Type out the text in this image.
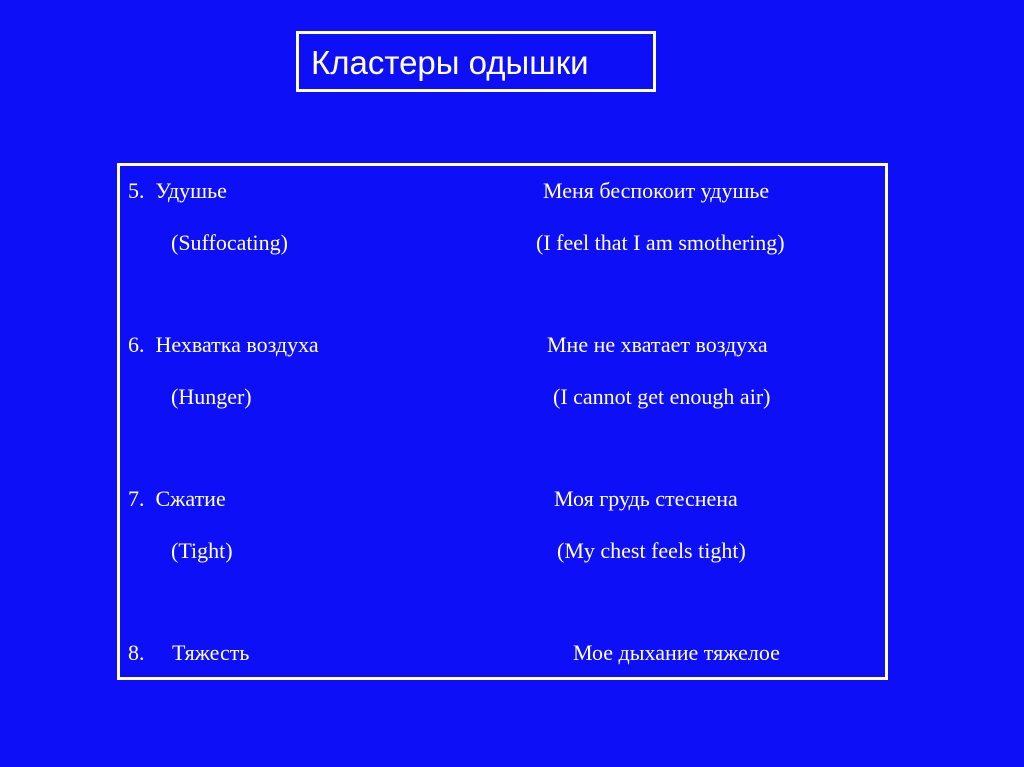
Кластеры одышки
5.  Удушье	Меня беспокоит удушье
(Suffocating)	(I feel that I am smothering)
6.  Нехватка воздуха	Мне не хватает воздуха
(Hunger)	(I cannot get enough air)
7.  Сжатие	Моя грудь стеснена
(Tight)	(My chest feels tight)
8.     Тяжесть	Мое дыхание тяжелое
